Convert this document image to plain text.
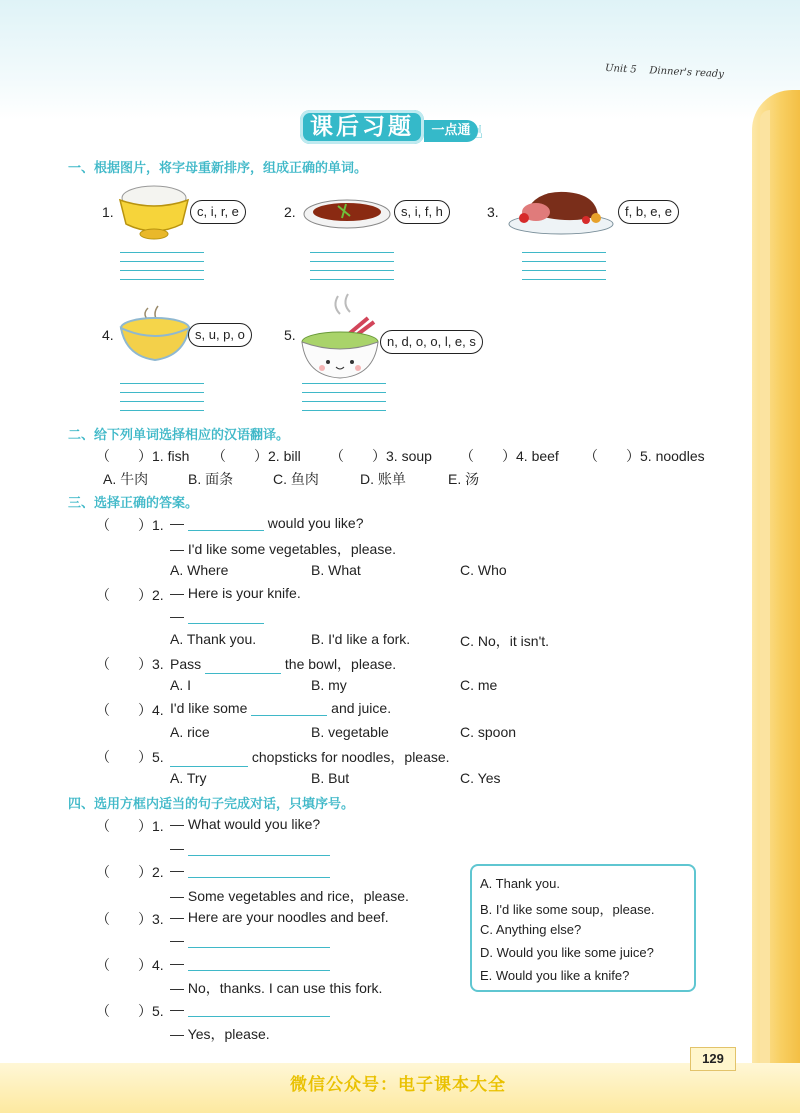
Unit 5 Dinner's ready
课后习题	一点通 ☝
一、根据图片，将字母重新排序，组成正确的单词。
1.	c, i, r, e	2.	s, i, f, h	3.	f, b, e, e
4.	s, u, p, o	5.	n, d, o, o, l, e, s
二、给下列单词选择相应的汉语翻译。
（　　）1. fish （　　）2. bill （　　）3. soup （　　）4. beef （　　）5. noodles
A. 牛肉	B. 面条	C. 鱼肉	D. 账单	E. 汤
三、选择正确的答案。
（　　）1. —	would you like?
— I'd like some vegetables，please.
A. Where	B. What	C. Who
（　　）2. — Here is your knife.
—
A. Thank you.	B. I'd like a fork.	C. No，it isn't.
（　　）3. Pass	the bowl，please.
A. I	B. my	C. me
（　　）4. I'd like some	and juice.
A. rice	B. vegetable	C. spoon
（　　）5.	chopsticks for noodles，please.
A. Try	B. But	C. Yes
四、选用方框内适当的句子完成对话，只填序号。
（　　）1. — What would you like?
—
（　　）2. —
— Some vegetables and rice，please.
（　　）3. — Here are your noodles and beef.
—
（　　）4. —
— No，thanks. I can use this fork.
（　　）5. —
— Yes，please.
A. Thank you.
B. I'd like some soup，please.
C. Anything else?
D. Would you like some juice?
E. Would you like a knife?
129
微信公众号：电子课本大全
